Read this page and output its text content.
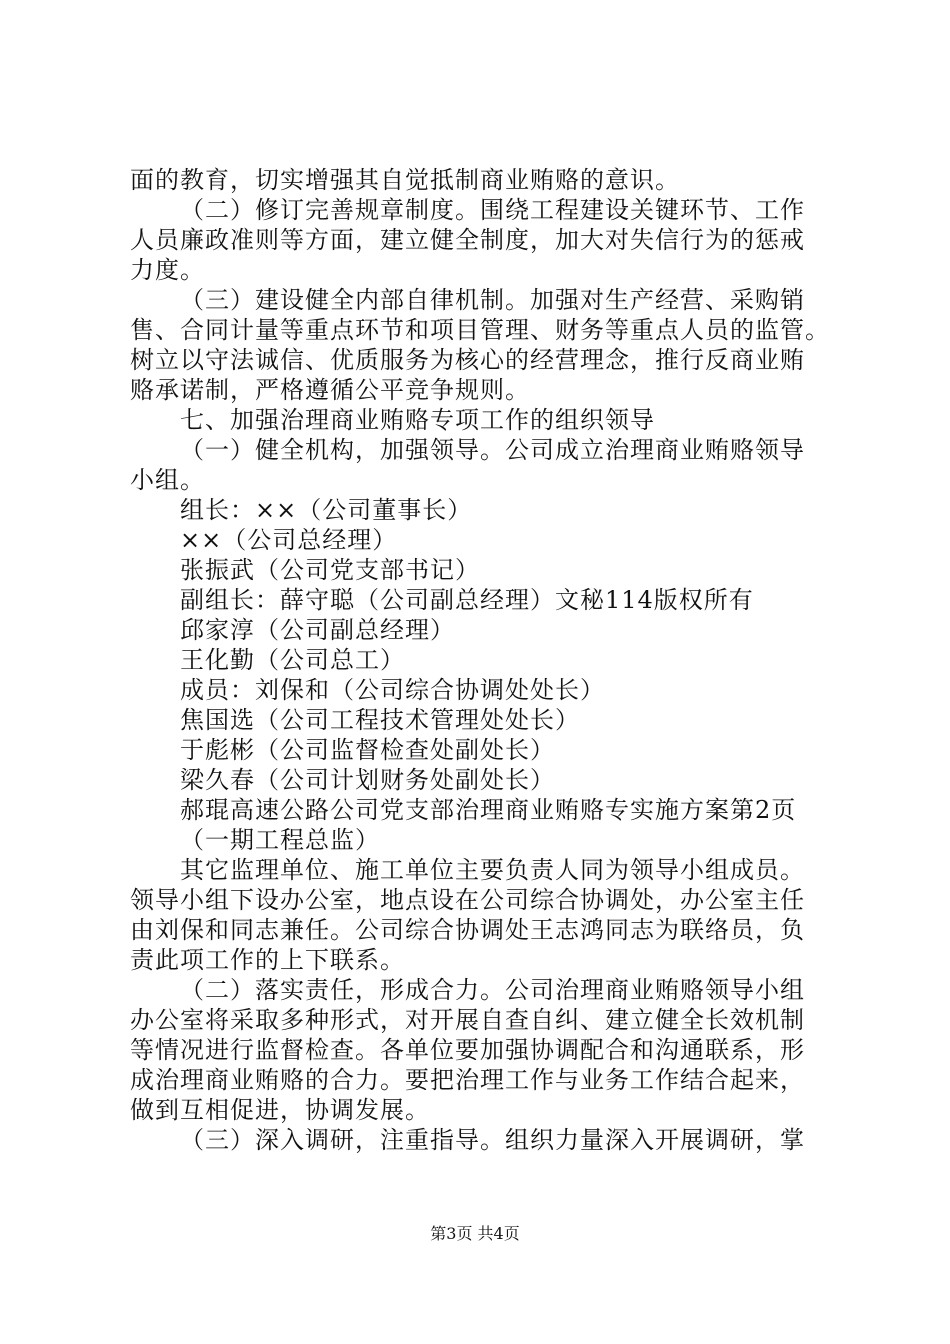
面的教育，切实增强其自觉抵制商业贿赂的意识。
（二）修订完善规章制度。围绕工程建设关键环节、工作
人员廉政准则等方面，建立健全制度，加大对失信行为的惩戒
力度。
（三）建设健全内部自律机制。加强对生产经营、采购销
售、合同计量等重点环节和项目管理、财务等重点人员的监管。
树立以守法诚信、优质服务为核心的经营理念，推行反商业贿
赂承诺制，严格遵循公平竞争规则。
七、加强治理商业贿赂专项工作的组织领导
（一）健全机构，加强领导。公司成立治理商业贿赂领导
小组。
组长：××（公司董事长）
××（公司总经理）
张振武（公司党支部书记）
副组长：薛守聪（公司副总经理）文秘114版权所有
邱家淳（公司副总经理）
王化勤（公司总工）
成员：刘保和（公司综合协调处处长）
焦国选（公司工程技术管理处处长）
于彪彬（公司监督检查处副处长）
梁久春（公司计划财务处副处长）
郝琨高速公路公司党支部治理商业贿赂专实施方案第2页
（一期工程总监）
其它监理单位、施工单位主要负责人同为领导小组成员。
领导小组下设办公室，地点设在公司综合协调处，办公室主任
由刘保和同志兼任。公司综合协调处王志鸿同志为联络员，负
责此项工作的上下联系。
（二）落实责任，形成合力。公司治理商业贿赂领导小组
办公室将采取多种形式，对开展自查自纠、建立健全长效机制
等情况进行监督检查。各单位要加强协调配合和沟通联系，形
成治理商业贿赂的合力。要把治理工作与业务工作结合起来，
做到互相促进，协调发展。
（三）深入调研，注重指导。组织力量深入开展调研，掌
第3页 共4页
